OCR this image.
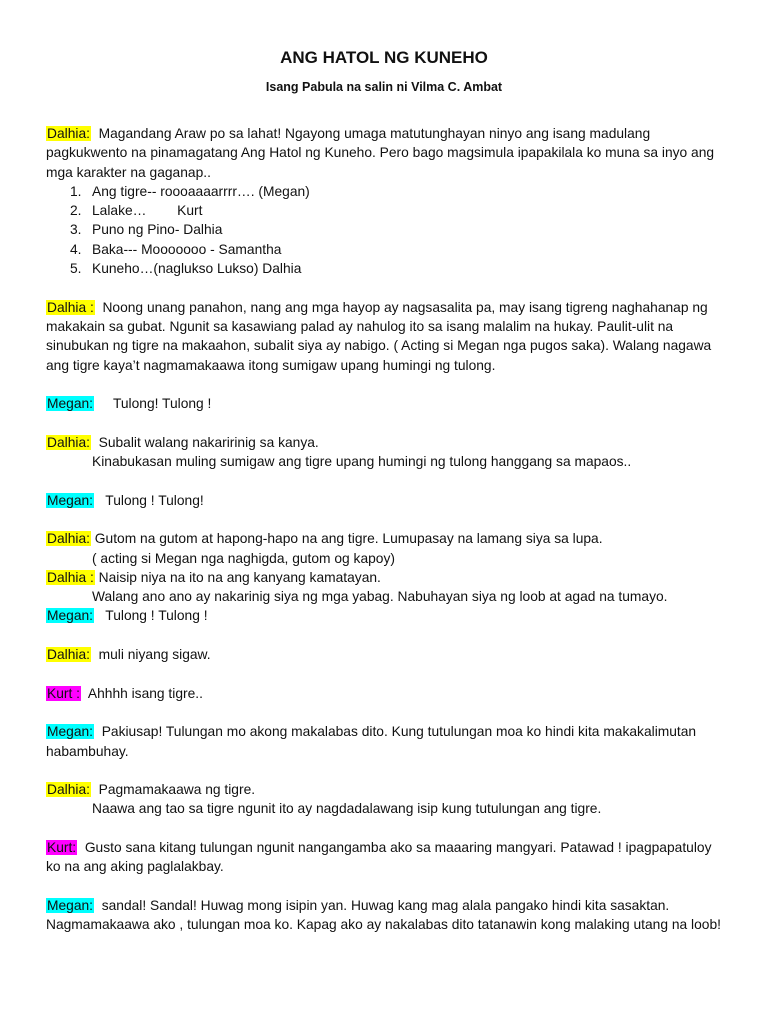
ANG HATOL NG KUNEHO
Isang Pabula na salin ni Vilma C. Ambat

Dalhia: Magandang Araw po sa lahat! Ngayong umaga matutunghayan ninyo ang isang madulang pagkukwento na pinamagatang Ang Hatol ng Kuneho. Pero bago magsimula ipapakilala ko muna sa inyo ang mga karakter na gaganap..

1. Ang tigre-- roooaaaarrrr…. (Megan)
2. Lalake…        Kurt
3. Puno ng Pino- Dalhia
4. Baka--- Mooooooo - Samantha
5. Kuneho…(naglukso Lukso) Dalhia

Dalhia : Noong unang panahon, nang ang mga hayop ay nagsasalita pa, may isang tigreng naghahanap ng makakain sa gubat. Ngunit sa kasawiang palad ay nahulog ito sa isang malalim na hukay. Paulit-ulit na sinubukan ng tigre na makaahon, subalit siya ay nabigo. ( Acting si Megan nga pugos saka). Walang nagawa ang tigre kaya’t nagmamakaawa itong sumigaw upang humingi ng tulong.

Megan: Tulong! Tulong !

Dalhia: Subalit walang nakaririnig sa kanya.
Kinabukasan muling sumigaw ang tigre upang humingi ng tulong hanggang sa mapaos..

Megan: Tulong ! Tulong!

Dalhia: Gutom na gutom at hapong-hapo na ang tigre. Lumupasay na lamang siya sa lupa.
( acting si Megan nga naghigda, gutom og kapoy)

Dalhia : Naisip niya na ito na ang kanyang kamatayan.
Walang ano ano ay nakarinig siya ng mga yabag. Nabuhayan siya ng loob at agad na tumayo.

Megan: Tulong ! Tulong !

Dalhia: muli niyang sigaw.

Kurt : Ahhhh isang tigre..

Megan: Pakiusap! Tulungan mo akong makalabas dito. Kung tutulungan moa ko hindi kita makakalimutan habambuhay.

Dalhia: Pagmamakaawa ng tigre.
Naawa ang tao sa tigre ngunit ito ay nagdadalawang isip kung tutulungan ang tigre.

Kurt: Gusto sana kitang tulungan ngunit nangangamba ako sa maaaring mangyari. Patawad ! ipagpapatuloy ko na ang aking paglalakbay.

Megan: sandal! Sandal! Huwag mong isipin yan. Huwag kang mag alala pangako hindi kita sasaktan. Nagmamakaawa ako , tulungan moa ko. Kapag ako ay nakalabas dito tatanawin kong malaking utang na loob!
